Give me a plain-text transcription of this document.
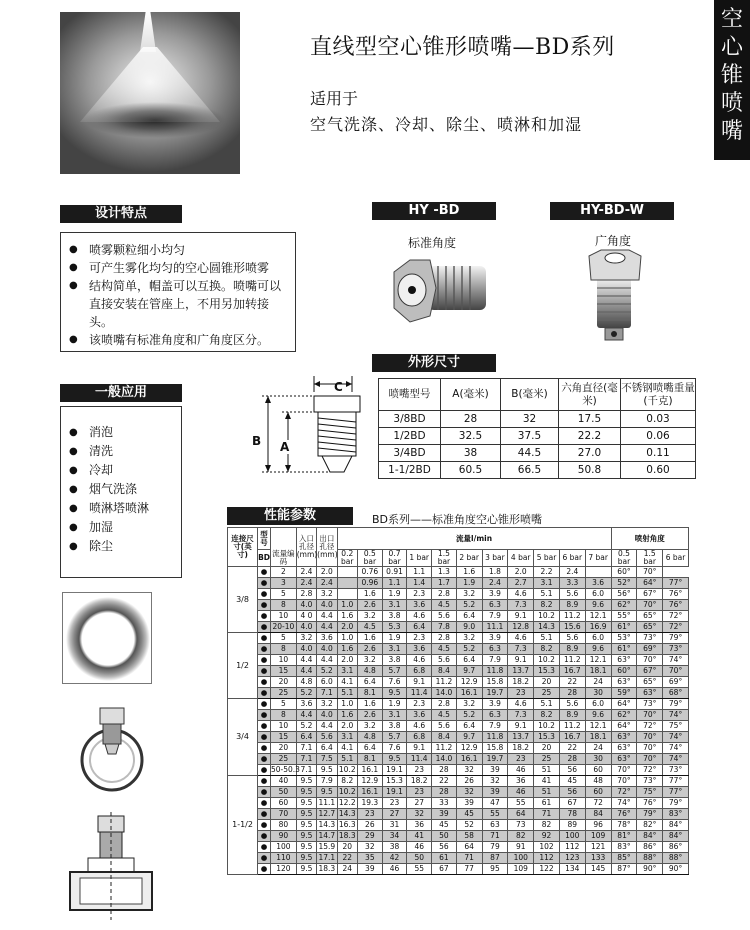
直线型空心锥形喷嘴—BD系列
适用于
空气洗涤、冷却、除尘、喷淋和加湿
空心锥喷嘴
设计特点
● 喷雾颗粒细小均匀
● 可产生雾化均匀的空心圆锥形喷雾
● 结构简单，帽盖可以互换。喷嘴可以直接安装在管座上，不用另加转接头。
● 该喷嘴有标准角度和广角度区分。
一般应用
● 消泡
● 清洗
● 冷却
● 烟气洗涤
● 喷淋塔喷淋
● 加湿
● 除尘
HY -BD
标准角度
HY-BD-W
广角度
外形尺寸
C
B A
喷嘴型号	A(毫米)	B(毫米)	六角直径(毫米)	不锈钢喷嘴重量(千克)
3/8BD	28	32	17.5	0.03
1/2BD	32.5	37.5	22.2	0.06
3/4BD	38	44.5	27.0	0.11
1-1/2BD	60.5	66.5	50.8	0.60
性能参数	BD系列——标准角度空心锥形喷嘴
连接尺寸(英寸)	型号	流量编码	入口孔径(mm)	出口孔径(mm)	流量l/min											喷射角度		
	BD				0.2 bar	0.5 bar	0.7 bar	1 bar	1.5 bar	2 bar	3 bar	4 bar	5 bar	6 bar	7 bar	0.5 bar	1.5 bar	6 bar
3/8	●	2	2.4	2.0		0.76	0.91	1.1	1.3	1.6	1.8	2.0	2.2	2.4		60°	70°	
	●	3	2.4	2.4		0.96	1.1	1.4	1.7	1.9	2.4	2.7	3.1	3.3	3.6	52°	64°	77°
	●	5	2.8	3.2		1.6	1.9	2.3	2.8	3.2	3.9	4.6	5.1	5.6	6.0	56°	67°	76°
	●	8	4.0	4.0	1.0	2.6	3.1	3.6	4.5	5.2	6.3	7.3	8.2	8.9	9.6	62°	70°	76°
	●	10	4 0	4.4	1.6	3.2	3.8	4.6	5.6	6.4	7.9	9.1	10.2	11.2	12.1	55°	65°	72°
	●	20-10	4.0	4.4	2.0	4.5	5.3	6.4	7.8	9.0	11.1	12.8	14.3	15.6	16.9	61°	65°	72°
1/2	●	5	3.2	3.6	1.0	1.6	1.9	2.3	2.8	3.2	3.9	4.6	5.1	5.6	6.0	53°	73°	79°
	●	8	4.0	4.0	1.6	2.6	3.1	3.6	4.5	5.2	6.3	7.3	8.2	8.9	9.6	61°	69°	73°
	●	10	4.4	4.4	2.0	3.2	3.8	4.6	5.6	6.4	7.9	9.1	10.2	11.2	12.1	63°	70°	74°
	●	15	4.4	5.2	3.1	4.8	5.7	6.8	8.4	9.7	11.8	13.7	15.3	16.7	18.1	60°	67°	70°
	●	20	4.8	6.0	4.1	6.4	7.6	9.1	11.2	12.9	15.8	18.2	20	22	24	63°	65°	69°
	●	25	5.2	7.1	5.1	8.1	9.5	11.4	14.0	16.1	19.7	23	25	28	30	59°	63°	68°
3/4	●	5	3.6	3.2	1.0	1.6	1.9	2.3	2.8	3.2	3.9	4.6	5.1	5.6	6.0	64°	73°	79°
	●	8	4.4	4.0	1.6	2.6	3.1	3.6	4.5	5.2	6.3	7.3	8.2	8.9	9.6	62°	70°	74°
	●	10	5.2	4.4	2.0	3.2	3.8	4.6	5.6	6.4	7.9	9.1	10.2	11.2	12.1	64°	72°	75°
	●	15	6.4	5.6	3.1	4.8	5.7	6.8	8.4	9.7	11.8	13.7	15.3	16.7	18.1	63°	70°	74°
	●	20	7.1	6.4	4.1	6.4	7.6	9.1	11.2	12.9	15.8	18.2	20	22	24	63°	70°	74°
	●	25	7.1	7.5	5.1	8.1	9.5	11.4	14.0	16.1	19.7	23	25	28	30	63°	70°	74°
	●	50-50.3	7.1	9.5	10.2	16.1	19.1	23	28	32	39	46	51	56	60	70°	72°	73°
1-1/2	●	40	9.5	7.9	8.2	12.9	15.3	18.2	22	26	32	36	41	45	48	70°	73°	77°
	●	50	9.5	9.5	10.2	16.1	19.1	23	28	32	39	46	51	56	60	72°	75°	77°
	●	60	9.5	11.1	12.2	19.3	23	27	33	39	47	55	61	67	72	74°	76°	79°
	●	70	9.5	12.7	14.3	23	27	32	39	45	55	64	71	78	84	76°	79°	83°
	●	80	9.5	14.3	16.3	26	31	36	45	52	63	73	82	89	96	78°	82°	84°
	●	90	9.5	14.7	18.3	29	34	41	50	58	71	82	92	100	109	81°	84°	84°
	●	100	9.5	15.9	20	32	38	46	56	64	79	91	102	112	121	83°	86°	86°
	●	110	9.5	17.1	22	35	42	50	61	71	87	100	112	123	133	85°	88°	88°
	●	120	9.5	18.3	24	39	46	55	67	77	95	109	122	134	145	87°	90°	90°
